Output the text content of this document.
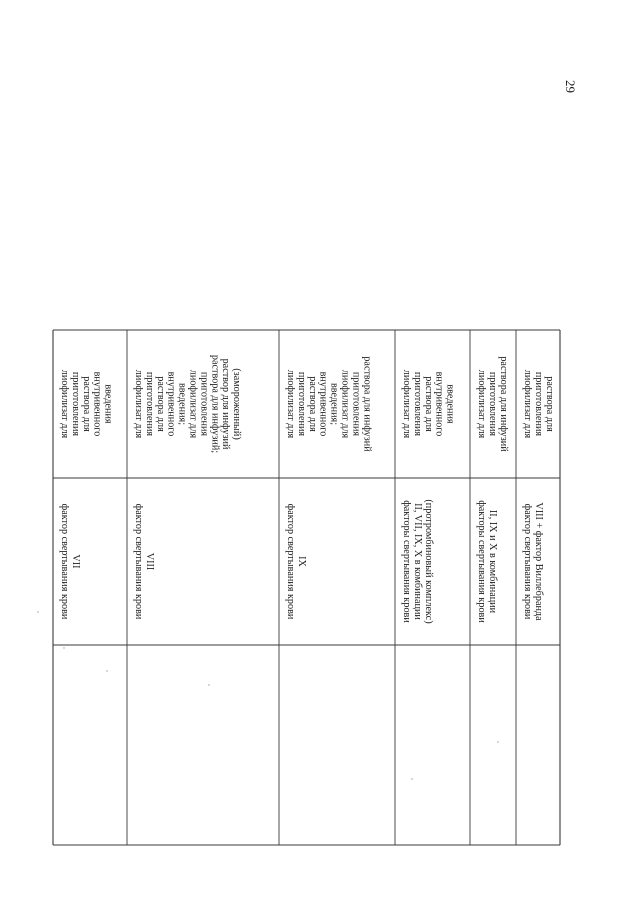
29
фактор свертывания крови VII
лиофилизат для приготовления раствора для внутривенного введения
фактор свертывания крови VIII
лиофилизат для приготовления раствора для внутривенного введения; лиофилизат для приготовления раствора для инфузий; раствор для инфузий (замороженный)
фактор свертывания крови IX
лиофилизат для приготовления раствора для внутривенного введения; лиофилизат для приготовления раствора для инфузий
факторы свертывания крови II, VII, IX, X в комбинации (протромбиновый комплекс)
лиофилизат для приготовления раствора для внутривенного введения
факторы свертывания крови II, IX и X в комбинации
лиофилизат для приготовления раствора для инфузий
фактор свертывания крови VIII + фактор Виллебранда
лиофилизат для приготовления раствора для
